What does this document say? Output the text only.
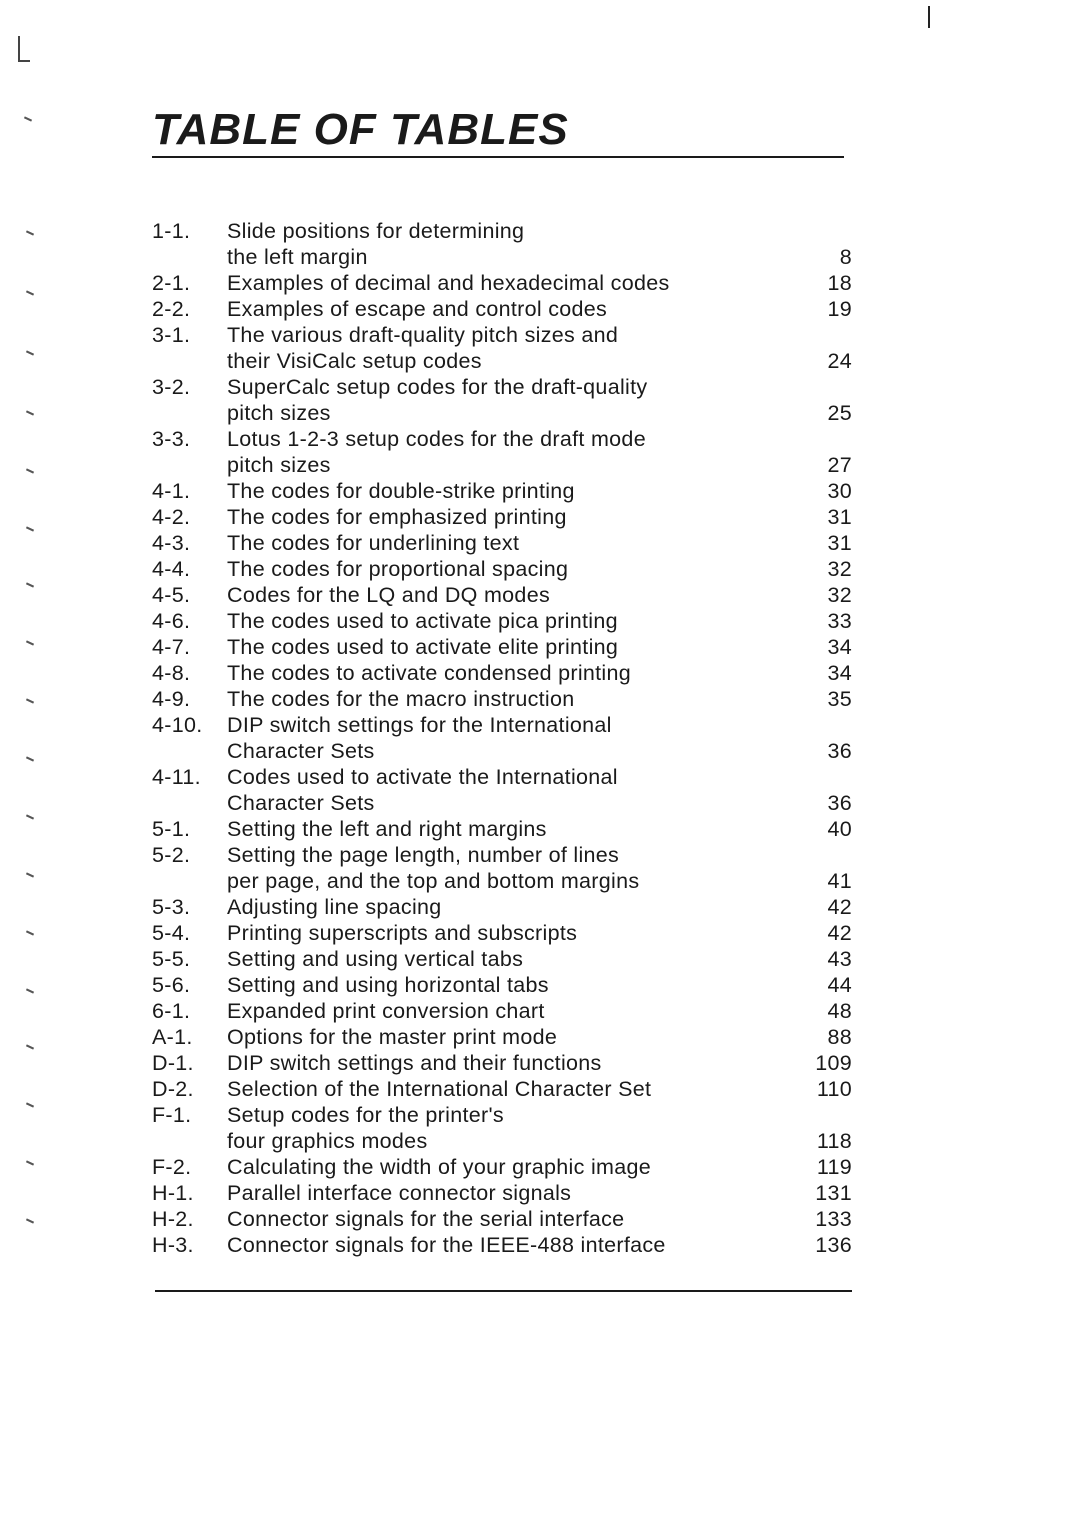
TABLE OF TABLES
1-1.	Slide positions for determining
the left margin	8
2-1.	Examples of decimal and hexadecimal codes	18
2-2.	Examples of escape and control codes	19
3-1.	The various draft-quality pitch sizes and
their VisiCalc setup codes	24
3-2.	SuperCalc setup codes for the draft-quality
pitch sizes	25
3-3.	Lotus 1-2-3 setup codes for the draft mode
pitch sizes	27
4-1.	The codes for double-strike printing	30
4-2.	The codes for emphasized printing	31
4-3.	The codes for underlining text	31
4-4.	The codes for proportional spacing	32
4-5.	Codes for the LQ and DQ modes	32
4-6.	The codes used to activate pica printing	33
4-7.	The codes used to activate elite printing	34
4-8.	The codes to activate condensed printing	34
4-9.	The codes for the macro instruction	35
4-10.	DIP switch settings for the International
Character Sets	36
4-11.	Codes used to activate the International
Character Sets	36
5-1.	Setting the left and right margins	40
5-2.	Setting the page length, number of lines
per page, and the top and bottom margins	41
5-3.	Adjusting line spacing	42
5-4.	Printing superscripts and subscripts	42
5-5.	Setting and using vertical tabs	43
5-6.	Setting and using horizontal tabs	44
6-1.	Expanded print conversion chart	48
A-1.	Options for the master print mode	88
D-1.	DIP switch settings and their functions	109
D-2.	Selection of the International Character Set	110
F-1.	Setup codes for the printer's
four graphics modes	118
F-2.	Calculating the width of your graphic image	119
H-1.	Parallel interface connector signals	131
H-2.	Connector signals for the serial interface	133
H-3.	Connector signals for the IEEE-488 interface	136
